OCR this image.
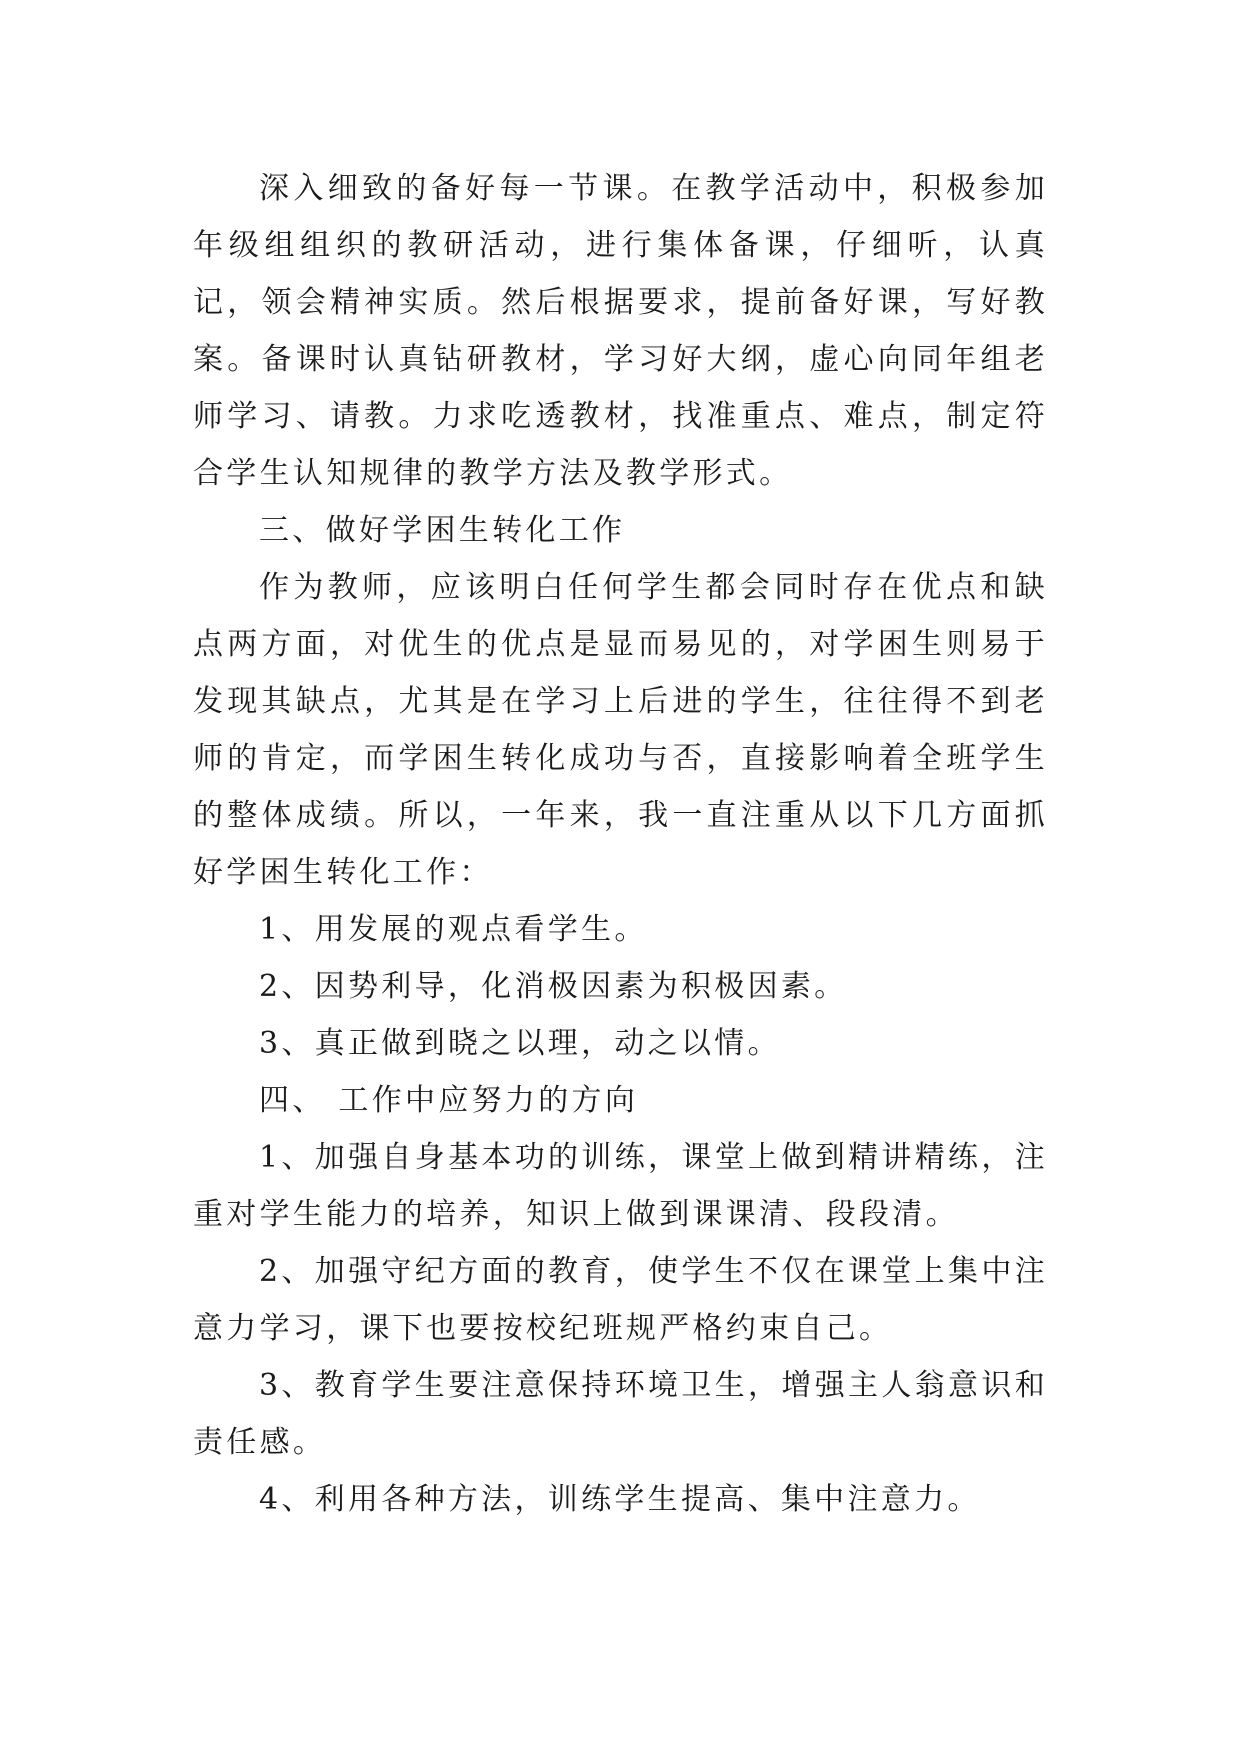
深入细致的备好每一节课。在教学活动中，积极参加年级组组织的教研活动，进行集体备课，仔细听，认真记，领会精神实质。然后根据要求，提前备好课，写好教案。备课时认真钻研教材，学习好大纲，虚心向同年组老师学习、请教。力求吃透教材，找准重点、难点，制定符合学生认知规律的教学方法及教学形式。

三、做好学困生转化工作

作为教师，应该明白任何学生都会同时存在优点和缺点两方面，对优生的优点是显而易见的，对学困生则易于发现其缺点，尤其是在学习上后进的学生，往往得不到老师的肯定，而学困生转化成功与否，直接影响着全班学生的整体成绩。所以，一年来，我一直注重从以下几方面抓好学困生转化工作：

1、用发展的观点看学生。

2、因势利导，化消极因素为积极因素。

3、真正做到晓之以理，动之以情。

四、 工作中应努力的方向

1、加强自身基本功的训练，课堂上做到精讲精练，注重对学生能力的培养，知识上做到课课清、段段清。

2、加强守纪方面的教育，使学生不仅在课堂上集中注意力学习，课下也要按校纪班规严格约束自己。

3、教育学生要注意保持环境卫生，增强主人翁意识和责任感。

4、利用各种方法，训练学生提高、集中注意力。
